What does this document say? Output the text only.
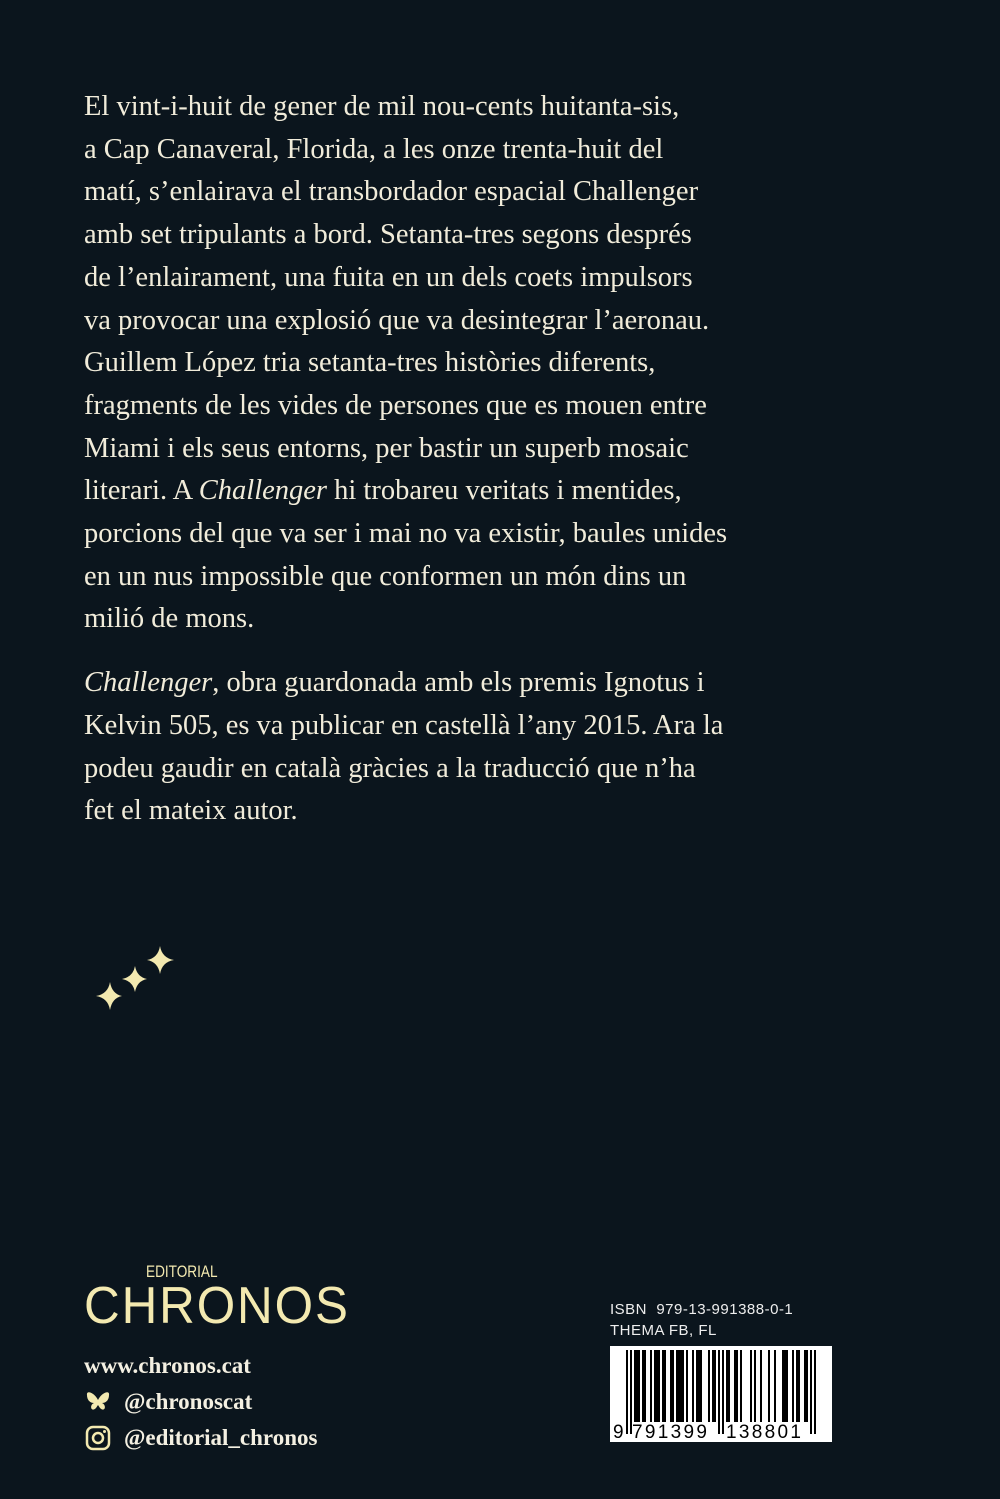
El vint-i-huit de gener de mil nou-cents huitanta-sis,
a Cap Canaveral, Florida, a les onze trenta-huit del
matí, s’enlairava el transbordador espacial Challenger
amb set tripulants a bord. Setanta-tres segons després
de l’enlairament, una fuita en un dels coets impulsors
va provocar una explosió que va desintegrar l’aeronau.
Guillem López tria setanta-tres històries diferents,
fragments de les vides de persones que es mouen entre
Miami i els seus entorns, per bastir un superb mosaic
literari. A Challenger hi trobareu veritats i mentides,
porcions del que va ser i mai no va existir, baules unides
en un nus impossible que conformen un món dins un
milió de mons.

Challenger, obra guardonada amb els premis Ignotus i
Kelvin 505, es va publicar en castellà l’any 2015. Ara la
podeu gaudir en català gràcies a la traducció que n’ha
fet el mateix autor.

EDITORIAL
CHRONOS
www.chronos.cat
@chronoscat
@editorial_chronos
ISBN  979-13-991388-0-1
THEMA FB, FL
9 791399 138801
